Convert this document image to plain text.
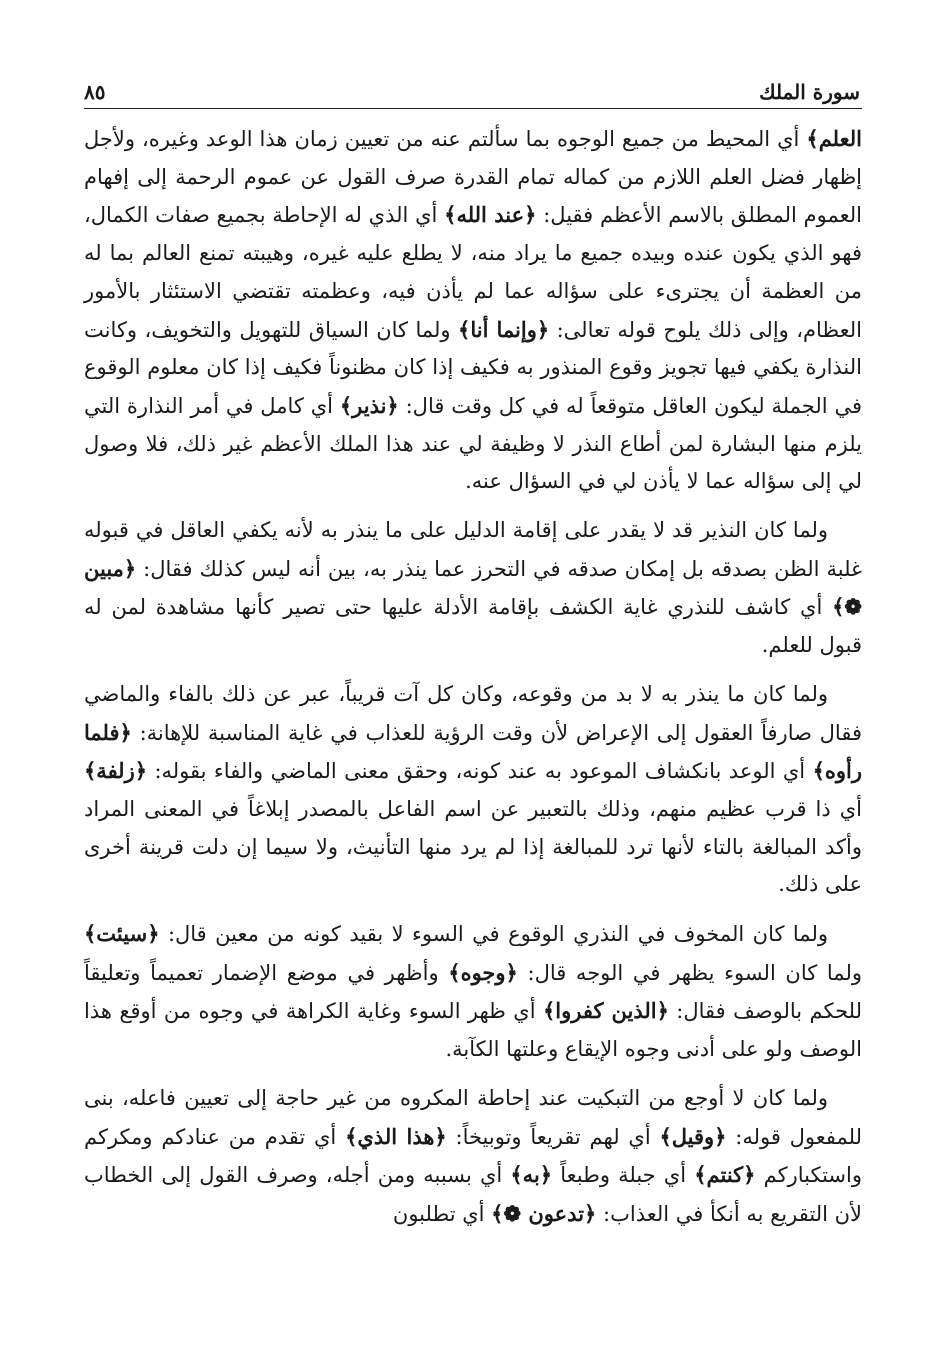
سورة الملك
٨٥

العلم﴾ أي المحيط من جميع الوجوه بما سألتم عنه من تعيين زمان هذا الوعد وغيره، ولأجل إظهار فضل العلم اللازم من كماله تمام القدرة صرف القول عن عموم الرحمة إلى إفهام العموم المطلق بالاسم الأعظم فقيل: ﴿عند الله﴾ أي الذي له الإحاطة بجميع صفات الكمال، فهو الذي يكون عنده وبيده جميع ما يراد منه، لا يطلع عليه غيره، وهيبته تمنع العالم بما له من العظمة أن يجترىء على سؤاله عما لم يأذن فيه، وعظمته تقتضي الاستئثار بالأمور العظام، وإلى ذلك يلوح قوله تعالى: ﴿وإنما أنا﴾ ولما كان السياق للتهويل والتخويف، وكانت النذارة يكفي فيها تجويز وقوع المنذور به فكيف إذا كان مظنوناً فكيف إذا كان معلوم الوقوع في الجملة ليكون العاقل متوقعاً له في كل وقت قال: ﴿نذير﴾ أي كامل في أمر النذارة التي يلزم منها البشارة لمن أطاع النذر لا وظيفة لي عند هذا الملك الأعظم غير ذلك، فلا وصول لي إلى سؤاله عما لا يأذن لي في السؤال عنه.

ولما كان النذير قد لا يقدر على إقامة الدليل على ما ينذر به لأنه يكفي العاقل في قبوله غلبة الظن بصدقه بل إمكان صدقه في التحرز عما ينذر به، بين أنه ليس كذلك فقال: ﴿مبين ❁﴾ أي كاشف للنذري غاية الكشف بإقامة الأدلة عليها حتى تصير كأنها مشاهدة لمن له قبول للعلم.

ولما كان ما ينذر به لا بد من وقوعه، وكان كل آت قريباً، عبر عن ذلك بالفاء والماضي فقال صارفاً العقول إلى الإعراض لأن وقت الرؤية للعذاب في غاية المناسبة للإهانة: ﴿فلما رأوه﴾ أي الوعد بانكشاف الموعود به عند كونه، وحقق معنى الماضي والفاء بقوله: ﴿زلفة﴾ أي ذا قرب عظيم منهم، وذلك بالتعبير عن اسم الفاعل بالمصدر إبلاغاً في المعنى المراد وأكد المبالغة بالتاء لأنها ترد للمبالغة إذا لم يرد منها التأنيث، ولا سيما إن دلت قرينة أخرى على ذلك.

ولما كان المخوف في النذري الوقوع في السوء لا بقيد كونه من معين قال: ﴿سيئت﴾ ولما كان السوء يظهر في الوجه قال: ﴿وجوه﴾ وأظهر في موضع الإضمار تعميماً وتعليقاً للحكم بالوصف فقال: ﴿الذين كفروا﴾ أي ظهر السوء وغاية الكراهة في وجوه من أوقع هذا الوصف ولو على أدنى وجوه الإيقاع وعلتها الكآبة.

ولما كان لا أوجع من التبكيت عند إحاطة المكروه من غير حاجة إلى تعيين فاعله، بنى للمفعول قوله: ﴿وقيل﴾ أي لهم تقريعاً وتوبيخاً: ﴿هذا الذي﴾ أي تقدم من عنادكم ومكركم واستكباركم ﴿كنتم﴾ أي جبلة وطبعاً ﴿به﴾ أي بسببه ومن أجله، وصرف القول إلى الخطاب لأن التقريع به أنكأ في العذاب: ﴿تدعون ❁﴾ أي تطلبون
